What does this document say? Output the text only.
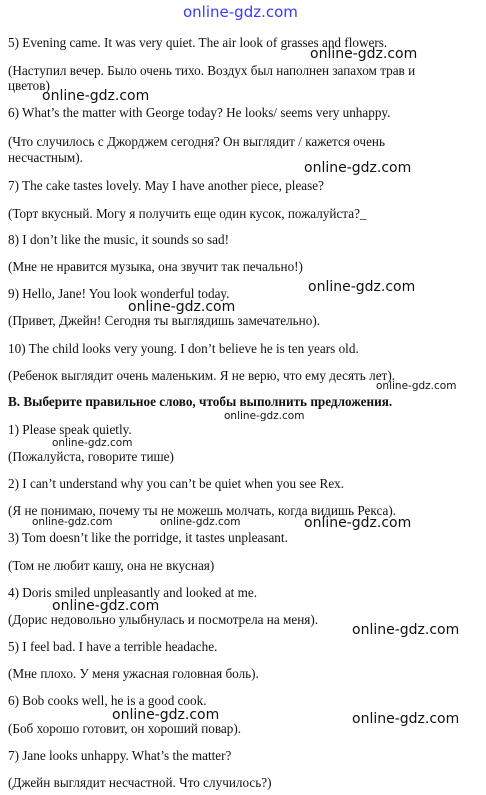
online-gdz.com
online-gdz.com
online-gdz.com
online-gdz.com
online-gdz.com
online-gdz.com
online-gdz.com
online-gdz.com
online-gdz.com
online-gdz.com	online-gdz.com	online-gdz.com
online-gdz.com
online-gdz.com
online-gdz.com	online-gdz.com
5) Evening came. It was very quiet. The air look of grasses and flowers.
(Наступил вечер. Было очень тихо. Воздух был наполнен запахом трав и
цветов)
6) What’s the matter with George today? He looks/ seems very unhappy.
(Что случилось с Джорджем сегодня? Он выглядит / кажется очень
несчастным).
7) The cake tastes lovely. May I have another piece, please?
(Торт вкусный. Могу я получить еще один кусок, пожалуйста?_
8) I don’t like the music, it sounds so sad!
(Мне не нравится музыка, она звучит так печально!)
9) Hello, Jane! You look wonderful today.
(Привет, Джейн! Сегодня ты выглядишь замечательно).
10) The child looks very young. I don’t believe he is ten years old.
(Ребенок выглядит очень маленьким. Я не верю, что ему десять лет).
B. Выберите правильное слово, чтобы выполнить предложения.
1) Please speak quietly.
(Пожалуйста, говорите тише)
2) I can’t understand why you can’t be quiet when you see Rex.
(Я не понимаю, почему ты не можешь молчать, когда видишь Рекса).
3) Tom doesn’t like the porridge, it tastes unpleasant.
(Том не любит кашу, она не вкусная)
4) Doris smiled unpleasantly and looked at me.
(Дорис недовольно улыбнулась и посмотрела на меня).
5) I feel bad. I have a terrible headache.
(Мне плохо. У меня ужасная головная боль).
6) Bob cooks well, he is a good cook.
(Боб хорошо готовит, он хороший повар).
7) Jane looks unhappy. What’s the matter?
(Джейн выглядит несчастной. Что случилось?)
